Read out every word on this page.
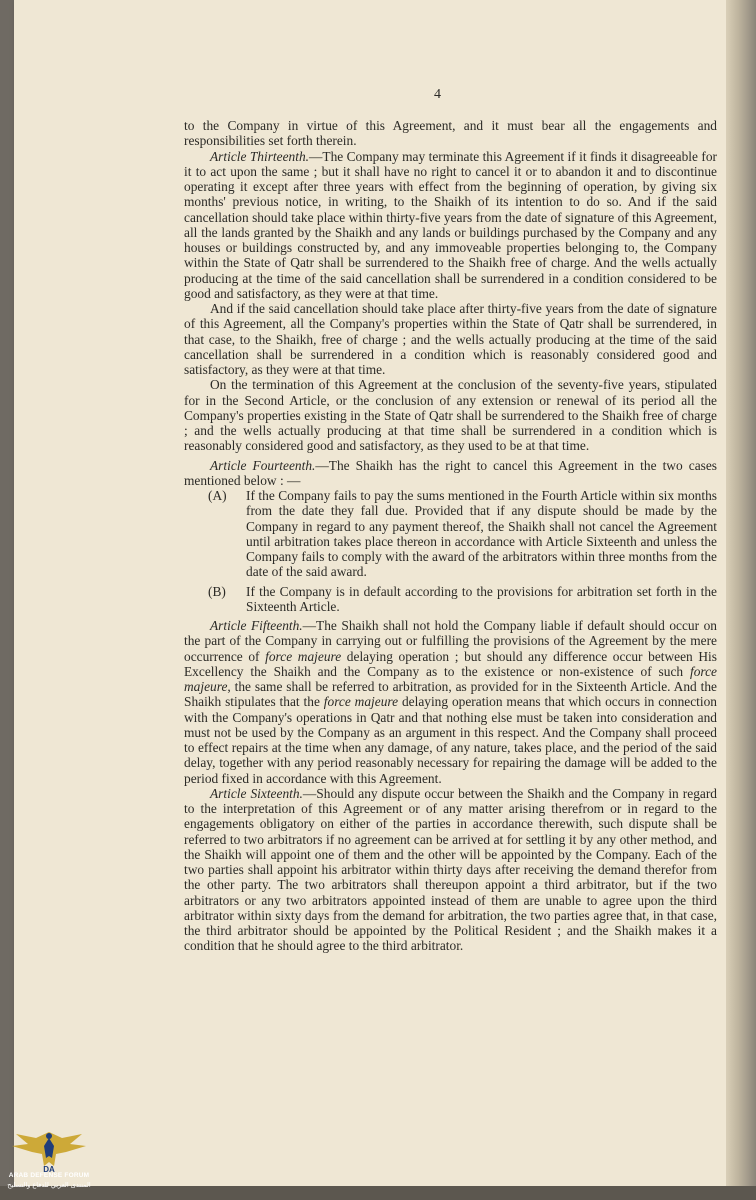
4

to the Company in virtue of this Agreement, and it must bear all the engagements and responsibilities set forth therein.

Article Thirteenth.—The Company may terminate this Agreement if it finds it disagreeable for it to act upon the same ; but it shall have no right to cancel it or to abandon it and to discontinue operating it except after three years with effect from the beginning of operation, by giving six months' previous notice, in writing, to the Shaikh of its intention to do so. And if the said cancellation should take place within thirty-five years from the date of signature of this Agreement, all the lands granted by the Shaikh and any lands or buildings purchased by the Company and any houses or buildings constructed by, and any immoveable properties belonging to, the Company within the State of Qatr shall be surrendered to the Shaikh free of charge. And the wells actually producing at the time of the said cancellation shall be surrendered in a condition considered to be good and satisfactory, as they were at that time.

And if the said cancellation should take place after thirty-five years from the date of signature of this Agreement, all the Company's properties within the State of Qatr shall be surrendered, in that case, to the Shaikh, free of charge ; and the wells actually producing at the time of the said cancellation shall be surrendered in a condition which is reasonably considered good and satisfactory, as they were at that time.

On the termination of this Agreement at the conclusion of the seventy-five years, stipulated for in the Second Article, or the conclusion of any extension or renewal of its period all the Company's properties existing in the State of Qatr shall be surrendered to the Shaikh free of charge ; and the wells actually producing at that time shall be surrendered in a condition which is reasonably considered good and satisfactory, as they used to be at that time.

Article Fourteenth.—The Shaikh has the right to cancel this Agreement in the two cases mentioned below : —

(A) If the Company fails to pay the sums mentioned in the Fourth Article within six months from the date they fall due. Provided that if any dispute should be made by the Company in regard to any payment thereof, the Shaikh shall not cancel the Agreement until arbitration takes place thereon in accordance with Article Sixteenth and unless the Company fails to comply with the award of the arbitrators within three months from the date of the said award.

(B) If the Company is in default according to the provisions for arbitration set forth in the Sixteenth Article.

Article Fifteenth.—The Shaikh shall not hold the Company liable if default should occur on the part of the Company in carrying out or fulfilling the provisions of the Agreement by the mere occurrence of force majeure delaying operation ; but should any difference occur between His Excellency the Shaikh and the Company as to the existence or non-existence of such force majeure, the same shall be referred to arbitration, as provided for in the Sixteenth Article. And the Shaikh stipulates that the force majeure delaying operation means that which occurs in connection with the Company's operations in Qatr and that nothing else must be taken into consideration and must not be used by the Company as an argument in this respect. And the Company shall proceed to effect repairs at the time when any damage, of any nature, takes place, and the period of the said delay, together with any period reasonably necessary for repairing the damage will be added to the period fixed in accordance with this Agreement.

Article Sixteenth.—Should any dispute occur between the Shaikh and the Company in regard to the interpretation of this Agreement or of any matter arising therefrom or in regard to the engagements obligatory on either of the parties in accordance therewith, such dispute shall be referred to two arbitrators if no agreement can be arrived at for settling it by any other method, and the Shaikh will appoint one of them and the other will be appointed by the Company. Each of the two parties shall appoint his arbitrator within thirty days after receiving the demand therefor from the other party. The two arbitrators shall thereupon appoint a third arbitrator, but if the two arbitrators or any two arbitrators appointed instead of them are unable to agree upon the third arbitrator within sixty days from the demand for arbitration, the two parties agree that, in that case, the third arbitrator should be appointed by the Political Resident ; and the Shaikh makes it a condition that he should agree to the third arbitrator.

DA
ARAB DEFENSE FORUM
المنتدى العربي للدفاع والتسليح
